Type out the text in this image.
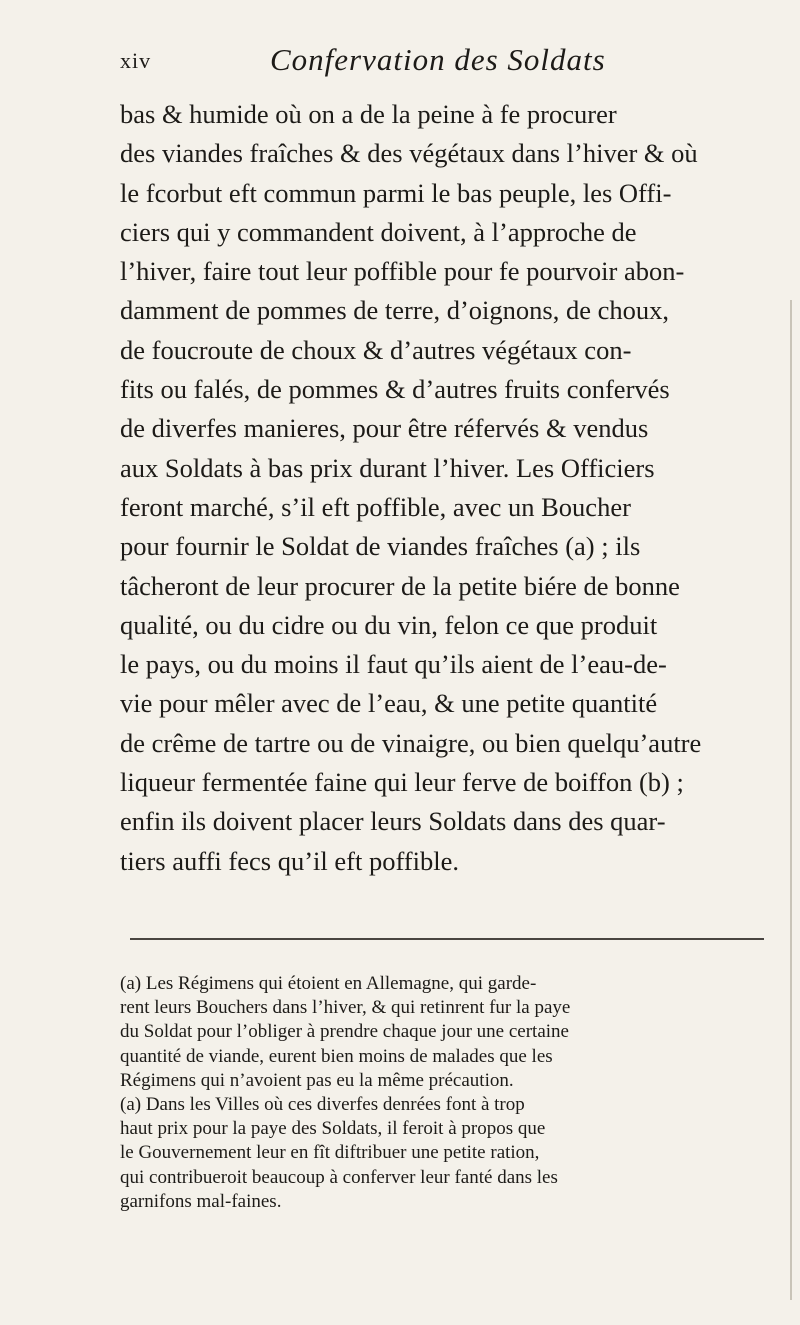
xiv	Confervation des Soldats
bas & humide où on a de la peine à fe procurer
des viandes fraîches & des végétaux dans l’hiver & où
le fcorbut eft commun parmi le bas peuple, les Offi-
ciers qui y commandent doivent, à l’approche de
l’hiver, faire tout leur poffible pour fe pourvoir abon-
damment de pommes de terre, d’oignons, de choux,
de foucroute de choux & d’autres végétaux con-
fits ou falés, de pommes & d’autres fruits confervés
de diverfes manieres, pour être réfervés & vendus
aux Soldats à bas prix durant l’hiver. Les Officiers
feront marché, s’il eft poffible, avec un Boucher
pour fournir le Soldat de viandes fraîches (a) ; ils
tâcheront de leur procurer de la petite biére de bonne
qualité, ou du cidre ou du vin, felon ce que produit
le pays, ou du moins il faut qu’ils aient de l’eau-de-
vie pour mêler avec de l’eau, & une petite quantité
de crême de tartre ou de vinaigre, ou bien quelqu’autre
liqueur fermentée faine qui leur ferve de boiffon (b) ;
enfin ils doivent placer leurs Soldats dans des quar-
tiers auffi fecs qu’il eft poffible.
(a) Les Régimens qui étoient en Allemagne, qui garde-
rent leurs Bouchers dans l’hiver, & qui retinrent fur la paye
du Soldat pour l’obliger à prendre chaque jour une certaine
quantité de viande, eurent bien moins de malades que les
Régimens qui n’avoient pas eu la même précaution.
(a) Dans les Villes où ces diverfes denrées font à trop
haut prix pour la paye des Soldats, il feroit à propos que
le Gouvernement leur en fît diftribuer une petite ration,
qui contribueroit beaucoup à conferver leur fanté dans les
garnifons mal-faines.
